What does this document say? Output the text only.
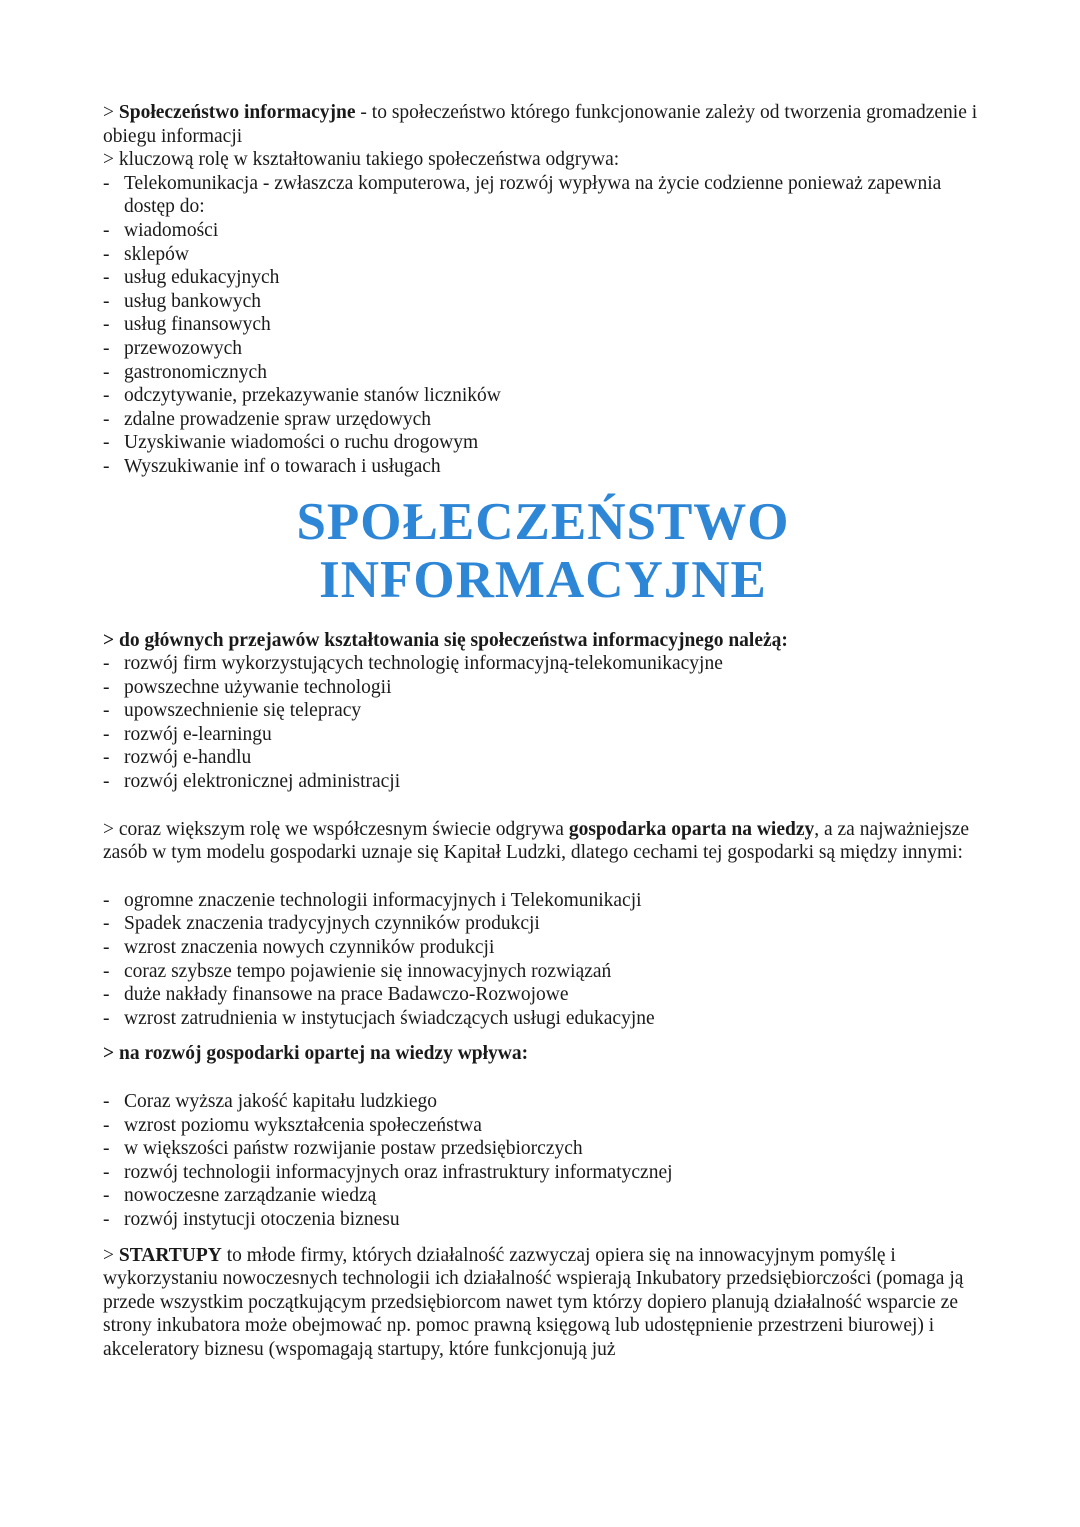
> Społeczeństwo informacyjne - to społeczeństwo którego funkcjonowanie zależy od tworzenia gromadzenie i obiegu informacji

> kluczową rolę w kształtowaniu takiego społeczeństwa odgrywa:

- Telekomunikacja - zwłaszcza komputerowa, jej rozwój wypływa na życie codzienne ponieważ zapewnia dostęp do:
- wiadomości
- sklepów
- usług edukacyjnych
- usług bankowych
- usług finansowych
- przewozowych
- gastronomicznych
- odczytywanie, przekazywanie stanów liczników
- zdalne prowadzenie spraw urzędowych
- Uzyskiwanie wiadomości o ruchu drogowym
- Wyszukiwanie inf o towarach i usługach
SPOŁECZEŃSTWO
INFORMACYJNE

> do głównych przejawów kształtowania się społeczeństwa informacyjnego należą:

- rozwój firm wykorzystujących technologię informacyjną-telekomunikacyjne
- powszechne używanie technologii
- upowszechnienie się telepracy
- rozwój e-learningu
- rozwój e-handlu
- rozwój elektronicznej administracji

> coraz większym rolę we współczesnym świecie odgrywa gospodarka oparta na wiedzy, a za najważniejsze zasób w tym modelu gospodarki uznaje się Kapitał Ludzki, dlatego cechami tej gospodarki są między innymi:

- ogromne znaczenie technologii informacyjnych i Telekomunikacji
- Spadek znaczenia tradycyjnych czynników produkcji
- wzrost znaczenia nowych czynników produkcji
- coraz szybsze tempo pojawienie się innowacyjnych rozwiązań
- duże nakłady finansowe na prace Badawczo-Rozwojowe
- wzrost zatrudnienia w instytucjach świadczących usługi edukacyjne

> na rozwój gospodarki opartej na wiedzy wpływa:

- Coraz wyższa jakość kapitału ludzkiego
- wzrost poziomu wykształcenia społeczeństwa
- w większości państw rozwijanie postaw przedsiębiorczych
- rozwój technologii informacyjnych oraz infrastruktury informatycznej
- nowoczesne zarządzanie wiedzą
- rozwój instytucji otoczenia biznesu

> STARTUPY to młode firmy, których działalność zazwyczaj opiera się na innowacyjnym pomyślę i wykorzystaniu nowoczesnych technologii ich działalność wspierają Inkubatory przedsiębiorczości (pomaga ją przede wszystkim początkującym przedsiębiorcom nawet tym którzy dopiero planują działalność wsparcie ze strony inkubatora może obejmować np. pomoc prawną księgową lub udostępnienie przestrzeni biurowej) i akceleratory biznesu (wspomagają startupy, które funkcjonują już
